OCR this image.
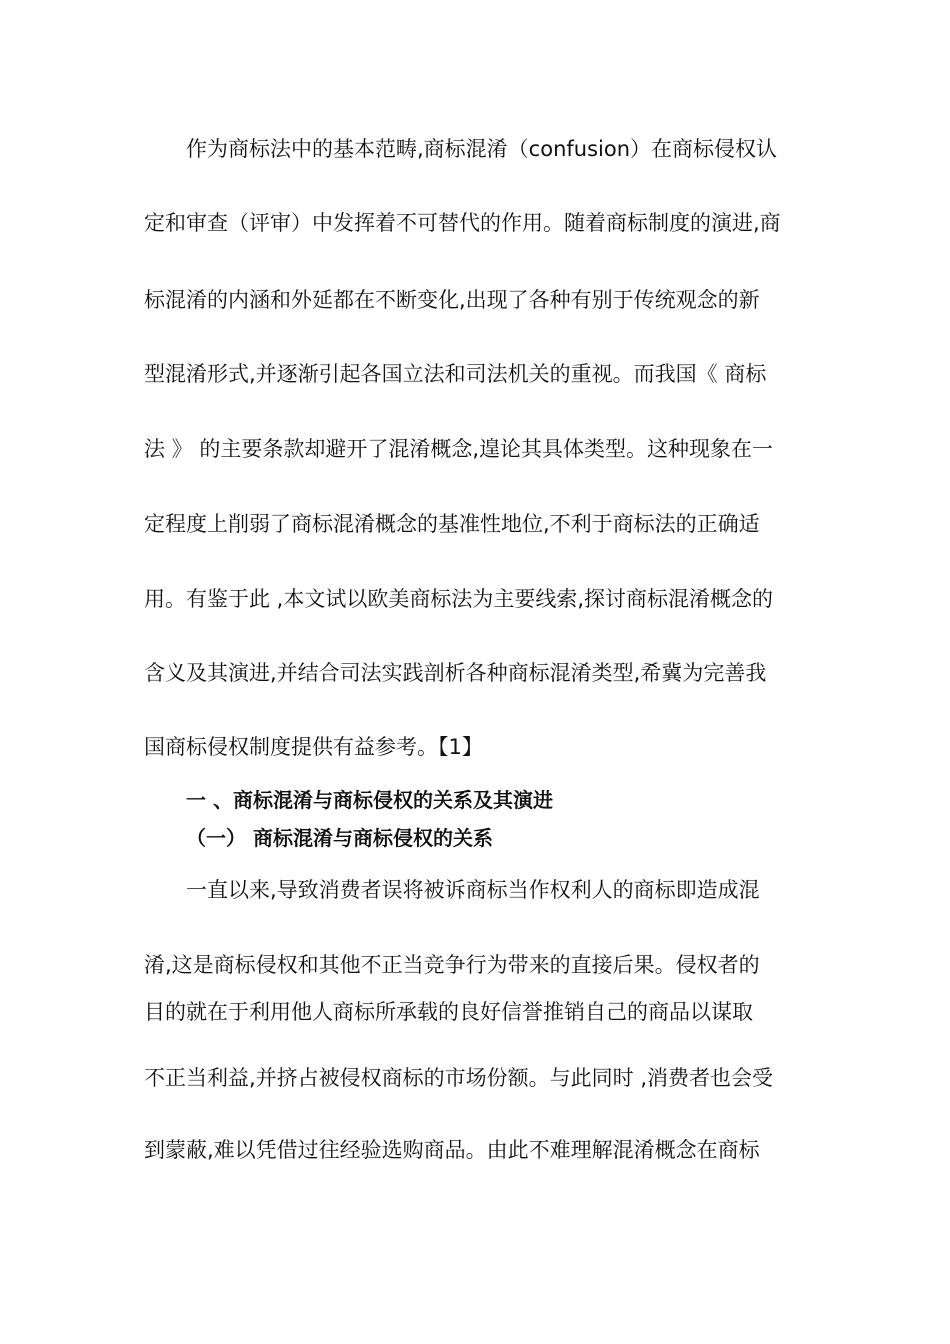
作为商标法中的基本范畴,商标混淆（confusion）在商标侵权认
定和审查（评审）中发挥着不可替代的作用。随着商标制度的演进,商
标混淆的内涵和外延都在不断变化,出现了各种有别于传统观念的新
型混淆形式,并逐渐引起各国立法和司法机关的重视。而我国《 商标
法 》 的主要条款却避开了混淆概念,遑论其具体类型。这种现象在一
定程度上削弱了商标混淆概念的基准性地位,不利于商标法的正确适
用。有鉴于此 ,本文试以欧美商标法为主要线索,探讨商标混淆概念的
含义及其演进,并结合司法实践剖析各种商标混淆类型,希冀为完善我
国商标侵权制度提供有益参考。【1】
一 、商标混淆与商标侵权的关系及其演进
（一） 商标混淆与商标侵权的关系
一直以来,导致消费者误将被诉商标当作权利人的商标即造成混
淆,这是商标侵权和其他不正当竞争行为带来的直接后果。侵权者的
目的就在于利用他人商标所承载的良好信誉推销自己的商品以谋取
不正当利益,并挤占被侵权商标的市场份额。与此同时 ,消费者也会受
到蒙蔽,难以凭借过往经验选购商品。由此不难理解混淆概念在商标
